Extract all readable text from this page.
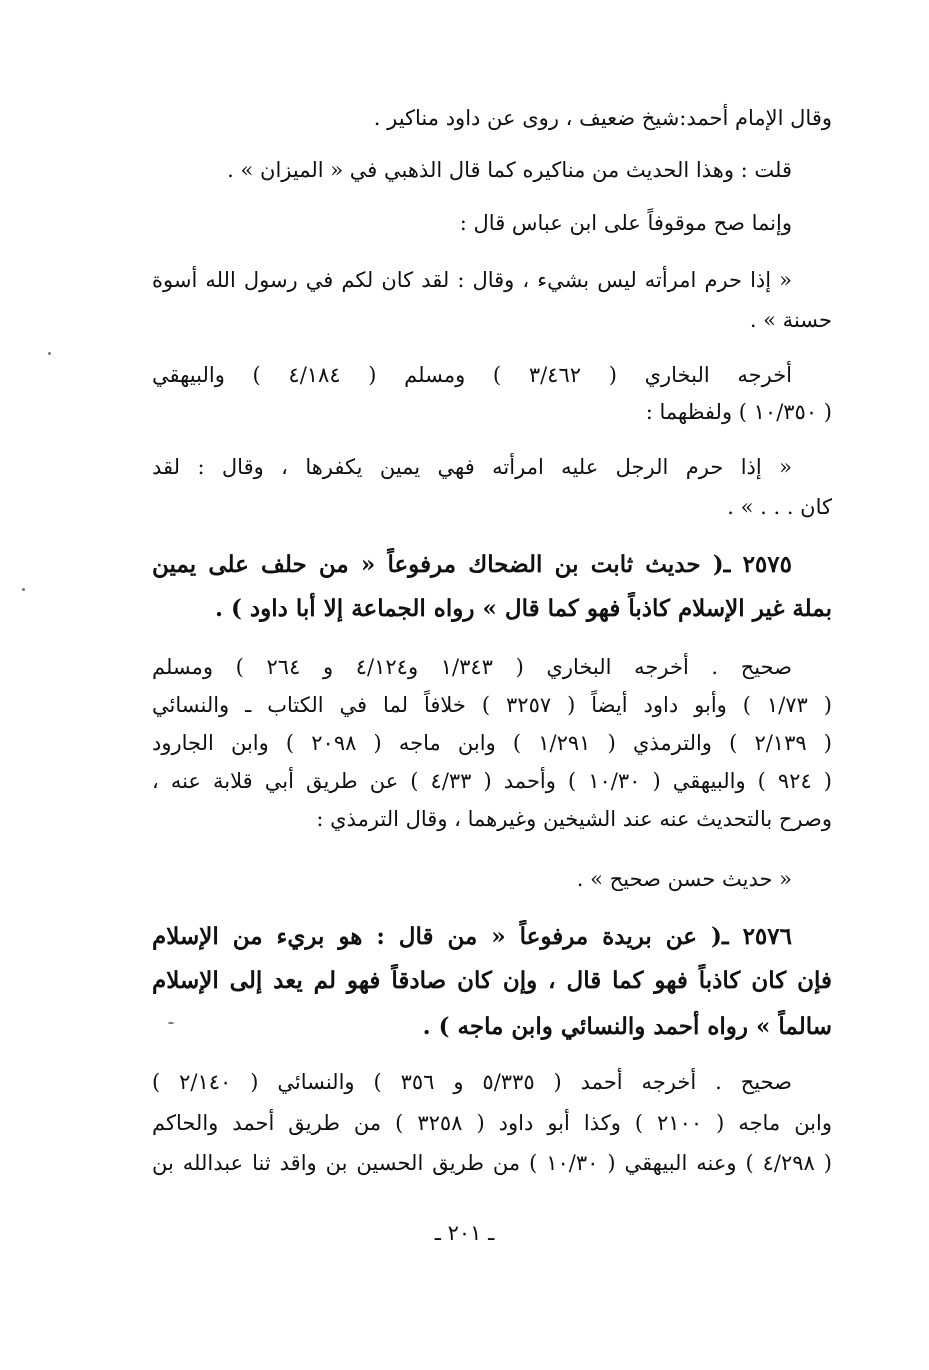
وقال الإمام أحمد:شيخ ضعيف ، روى عن داود مناكير .
قلت : وهذا الحديث من مناكيره كما قال الذهبي في « الميزان » .
وإنما صح موقوفاً على ابن عباس قال :
« إذا حرم امرأته ليس بشيء ، وقال : لقد كان لكم في رسول الله أسوة
حسنة » .
أخرجه البخاري ( ٣/٤٦٢ ) ومسلم ( ٤/١٨٤ ) والبيهقي
( ١٠/٣٥٠ ) ولفظهما :
« إذا حرم الرجل عليه امرأته فهي يمين يكفرها ، وقال : لقد
كان . . . » .
٢٥٧٥ ـ( حديث ثابت بن الضحاك مرفوعاً « من حلف على يمين
بملة غير الإسلام كاذباً فهو كما قال » رواه الجماعة إلا أبا داود ) .
صحيح . أخرجه البخاري ( ١/٣٤٣ و٤/١٢٤ و ٢٦٤ ) ومسلم
( ١/٧٣ ) وأبو داود أيضاً ( ٣٢٥٧ ) خلافاً لما في الكتاب ـ والنسائي
( ٢/١٣٩ ) والترمذي ( ١/٢٩١ ) وابن ماجه ( ٢٠٩٨ ) وابن الجارود
( ٩٢٤ ) والبيهقي ( ١٠/٣٠ ) وأحمد ( ٤/٣٣ ) عن طريق أبي قلابة عنه ،
وصرح بالتحديث عنه عند الشيخين وغيرهما ، وقال الترمذي :
« حديث حسن صحيح » .
٢٥٧٦ ـ( عن بريدة مرفوعاً « من قال : هو بريء من الإسلام
فإن كان كاذباً فهو كما قال ، وإن كان صادقاً فهو لم يعد إلى الإسلام
سالماً » رواه أحمد والنسائي وابن ماجه ) .
صحيح . أخرجه أحمد ( ٥/٣٣٥ و ٣٥٦ ) والنسائي ( ٢/١٤٠ )
وابن ماجه ( ٢١٠٠ ) وكذا أبو داود ( ٣٢٥٨ ) من طريق أحمد والحاكم
( ٤/٢٩٨ ) وعنه البيهقي ( ١٠/٣٠ ) من طريق الحسين بن واقد ثنا عبدالله بن
ـ ٢٠١ ـ
